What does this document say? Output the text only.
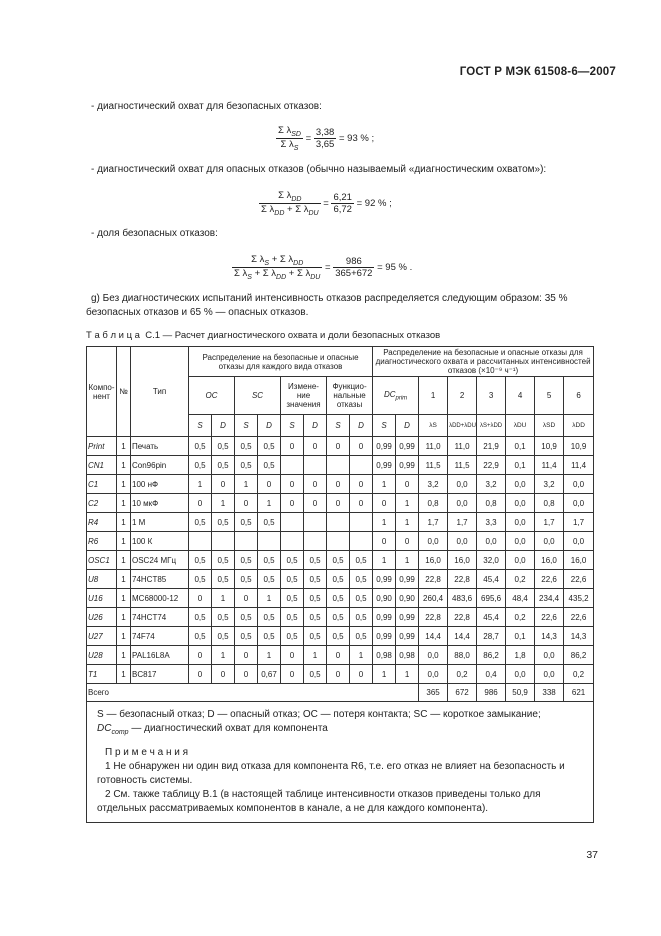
ГОСТ Р МЭК 61508-6—2007
- диагностический охват для безопасных отказов:
$\frac{\Sigma \lambda_{SD}}{\Sigma \lambda_S} = \frac{3,38}{3,65} = 93$ % ;
- диагностический охват для опасных отказов (обычно называемый «диагностическим охватом»):
$\frac{\Sigma \lambda_{DD}}{\Sigma \lambda_{DD} + \Sigma \lambda_{DU}} = \frac{6,21}{6,72} = 92$ % ;
- доля безопасных отказов:
$\frac{\Sigma \lambda_S + \Sigma \lambda_{DD}}{\Sigma \lambda_S + \Sigma \lambda_{DD} + \Sigma \lambda_{DU}} = \frac{986}{365+672} = 95$ % .
g) Без диагностических испытаний интенсивность отказов распределяется следующим образом: 35 % безопасных отказов и 65 % — опасных отказов.
Т а б л и ц а С.1 — Расчет диагностического охвата и доли безопасных отказов
Компо-нент	№	Тип	Распределение на безопасные и опасные отказы для каждого вида отказов								Распределение на безопасные и опасные отказы для диагностического охвата и рассчитанных интенсивностей отказов (×10⁻⁹ ч⁻¹)							
			OC		SC		Измене-ние значения		Функцио-нальные отказы		$DC_{prim}$		1	2	3	4	5	6
			S	D	S	D	S	D	S	D	S	D	λS	λDD+λDU	λS+λDD	λDU	λSD	λDD
Print	1	Печать	0,5	0,5	0,5	0,5	0	0	0	0	0,99	0,99	11,0	11,0	21,9	0,1	10,9	10,9
CN1	1	Con96pin	0,5	0,5	0,5	0,5					0,99	0,99	11,5	11,5	22,9	0,1	11,4	11,4
C1	1	100 нФ	1	0	1	0	0	0	0	0	1	0	3,2	0,0	3,2	0,0	3,2	0,0
C2	1	10 мкФ	0	1	0	1	0	0	0	0	0	1	0,8	0,0	0,8	0,0	0,8	0,0
R4	1	1 М	0,5	0,5	0,5	0,5					1	1	1,7	1,7	3,3	0,0	1,7	1,7
R6	1	100 К									0	0	0,0	0,0	0,0	0,0	0,0	0,0
OSC1	1	OSC24 МГц	0,5	0,5	0,5	0,5	0,5	0,5	0,5	0,5	1	1	16,0	16,0	32,0	0,0	16,0	16,0
U8	1	74HCT85	0,5	0,5	0,5	0,5	0,5	0,5	0,5	0,5	0,99	0,99	22,8	22,8	45,4	0,2	22,6	22,6
U16	1	MC68000-12	0	1	0	1	0,5	0,5	0,5	0,5	0,90	0,90	260,4	483,6	695,6	48,4	234,4	435,2
U26	1	74HCT74	0,5	0,5	0,5	0,5	0,5	0,5	0,5	0,5	0,99	0,99	22,8	22,8	45,4	0,2	22,6	22,6
U27	1	74F74	0,5	0,5	0,5	0,5	0,5	0,5	0,5	0,5	0,99	0,99	14,4	14,4	28,7	0,1	14,3	14,3
U28	1	PAL16L8A	0	1	0	1	0	1	0	1	0,98	0,98	0,0	88,0	86,2	1,8	0,0	86,2
T1	1	BC817	0	0	0	0,67	0	0,5	0	0	1	1	0,0	0,2	0,4	0,0	0,0	0,2
Всего													365	672	986	50,9	338	621

S — безопасный отказ; D — опасный отказ; OC — потеря контакта; SC — короткое замыкание;
$DC_{comp}$ — диагностический охват для компонента
П р и м е ч а н и я
1 Не обнаружен ни один вид отказа для компонента R6, т.е. его отказ не влияет на безопасность и готовность системы.
2 См. также таблицу B.1 (в настоящей таблице интенсивности отказов приведены только для отдельных рассматриваемых компонентов в канале, а не для каждого компонента).																		
37
